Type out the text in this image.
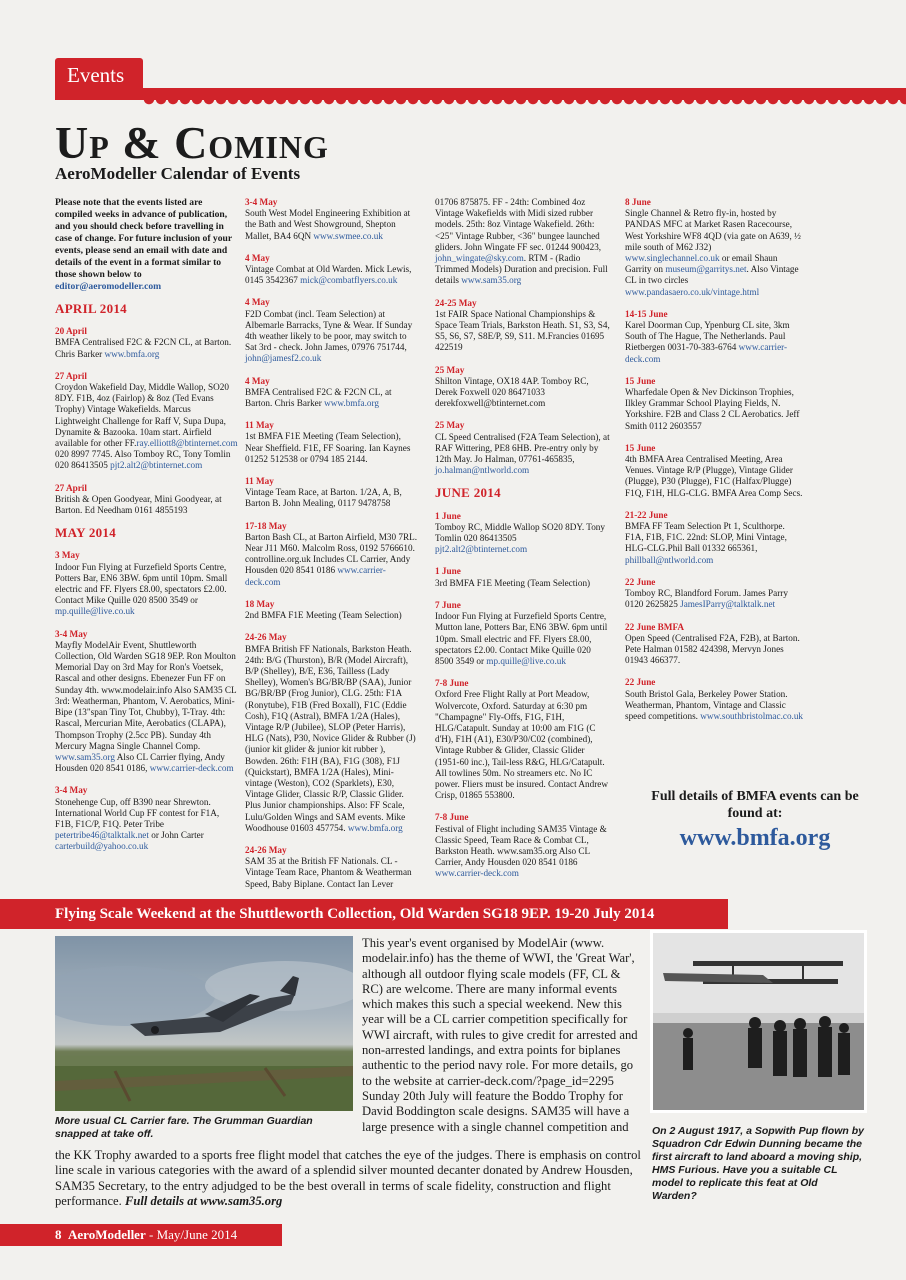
Events
Up & Coming
AeroModeller Calendar of Events
Please note that the events listed are compiled weeks in advance of publication, and you should check before travelling in case of change. For future inclusion of your events, please send an email with date and details of the event in a format similar to those shown below to editor@aeromodeller.com
APRIL 2014
20 April
BMFA Centralised F2C & F2CN CL, at Barton. Chris Barker www.bmfa.org
27 April
Croydon Wakefield Day, Middle Wallop, SO20 8DY. F1B, 4oz (Fairlop) & 8oz (Ted Evans Trophy) Vintage Wakefields. Marcus Lightweight Challenge for Raff V, Supa Dupa, Dynamite & Bazooka. 10am start. Airfield available for other FF.ray.elliott8@btinternet.com 020 8997 7745. Also Tomboy RC, Tony Tomlin 020 86413505 pjt2.alt2@btinternet.com
27 April
British & Open Goodyear, Mini Goodyear, at Barton. Ed Needham 0161 4855193
MAY 2014
3 May
Indoor Fun Flying at Furzefield Sports Centre, Potters Bar, EN6 3BW. 6pm until 10pm. Small electric and FF. Flyers £8.00, spectators £2.00. Contact Mike Quille 020 8500 3549 or mp.quille@live.co.uk
3-4 May
Mayfly ModelAir Event, Shuttleworth Collection, Old Warden SG18 9EP. Ron Moulton Memorial Day on 3rd May for Ron's Voetsek, Rascal and other designs. Ebenezer Fun FF on Sunday 4th. www.modelair.info Also SAM35 CL 3rd: Weatherman, Phantom, V. Aerobatics, Mini-Bipe (13"span Tiny Tot, Chubby), T-Tray. 4th: Rascal, Mercurian Mite, Aerobatics (CLAPA), Thompson Trophy (2.5cc PB). Sunday 4th Mercury Magna Single Channel Comp. www.sam35.org Also CL Carrier flying, Andy Housden 020 8541 0186, www.carrier-deck.com
3-4 May
Stonehenge Cup, off B390 near Shrewton. International World Cup FF contest for F1A, F1B, F1C/P, F1Q. Peter Tribe petertribe46@talktalk.net or John Carter carterbuild@yahoo.co.uk
3-4 May
South West Model Engineering Exhibition at the Bath and West Showground, Shepton Mallet, BA4 6QN www.swmee.co.uk
4 May
Vintage Combat at Old Warden. Mick Lewis, 0145 3542367 mick@combatflyers.co.uk
4 May
F2D Combat (incl. Team Selection) at Albemarle Barracks, Tyne & Wear. If Sunday 4th weather likely to be poor, may switch to Sat 3rd - check. John James, 07976 751744, john@jamesf2.co.uk
4 May
BMFA Centralised F2C & F2CN CL, at Barton. Chris Barker www.bmfa.org
11 May
1st BMFA F1E Meeting (Team Selection), Near Sheffield. F1E, FF Soaring. Ian Kaynes 01252 512538 or 0794 185 2144.
11 May
Vintage Team Race, at Barton. 1/2A, A, B, Barton B. John Mealing, 0117 9478758
17-18 May
Barton Bash CL, at Barton Airfield, M30 7RL. Near J11 M60. Malcolm Ross, 0192 5766610. controlline.org.uk Includes CL Carrier, Andy Housden 020 8541 0186 www.carrier-deck.com
18 May
2nd BMFA F1E Meeting (Team Selection)
24-26 May
BMFA British FF Nationals, Barkston Heath. 24th: B/G (Thurston), B/R (Model Aircraft), B/P (Shelley), B/E, E36, Tailless (Lady Shelley), Women's BG/BR/BP (SAA), Junior BG/BR/BP (Frog Junior), CLG. 25th: F1A (Ronytube), F1B (Fred Boxall), F1C (Eddie Cosh), F1Q (Astral), BMFA 1/2A (Hales), Vintage R/P (Jubilee), SLOP (Peter Harris), HLG (Nats), P30, Novice Glider & Rubber (J) (junior kit glider & junior kit rubber ), Bowden. 26th: F1H (BA), F1G (308), F1J (Quickstart), BMFA 1/2A (Hales), Mini-vintage (Weston), CO2 (Sparklets), E30, Vintage Glider, Classic R/P, Classic Glider. Plus Junior championships. Also: FF Scale, Lulu/Golden Wings and SAM events. Mike Woodhouse 01603 457754. www.bmfa.org
24-26 May
SAM 35 at the British FF Nationals. CL - Vintage Team Race, Phantom & Weatherman Speed, Baby Biplane. Contact Ian Lever
01706 875875. FF - 24th: Combined 4oz Vintage Wakefields with Midi sized rubber models. 25th: 8oz Vintage Wakefield. 26th: <25" Vintage Rubber, <36" bungee launched gliders. John Wingate FF sec. 01244 900423, john_wingate@sky.com. RTM - (Radio Trimmed Models) Duration and precision. Full details www.sam35.org
24-25 May
1st FAIR Space National Championships & Space Team Trials, Barkston Heath. S1, S3, S4, S5, S6, S7, S8E/P, S9, S11. M.Francies 01695 422519
25 May
Shilton Vintage, OX18 4AP. Tomboy RC, Derek Foxwell 020 86471033 derekfoxwell@btinternet.com
25 May
CL Speed Centralised (F2A Team Selection), at RAF Wittering, PE8 6HB. Pre-entry only by 12th May. Jo Halman, 07761-465835, jo.halman@ntlworld.com
JUNE 2014
1 June
Tomboy RC, Middle Wallop SO20 8DY. Tony Tomlin 020 86413505 pjt2.alt2@btinternet.com
1 June
3rd BMFA F1E Meeting (Team Selection)
7 June
Indoor Fun Flying at Furzefield Sports Centre, Mutton lane, Potters Bar, EN6 3BW. 6pm until 10pm. Small electric and FF. Flyers £8.00, spectators £2.00. Contact Mike Quille 020 8500 3549 or mp.quille@live.co.uk
7-8 June
Oxford Free Flight Rally at Port Meadow, Wolvercote, Oxford. Saturday at 6:30 pm "Champagne" Fly-Offs, F1G, F1H, HLG/Catapult. Sunday at 10:00 am F1G (C d'H), F1H (A1), E30/P30/C02 (combined), Vintage Rubber & Glider, Classic Glider (1951-60 inc.), Tail-less R&G, HLG/Catapult. All towlines 50m. No streamers etc. No IC power. Fliers must be insured. Contact Andrew Crisp, 01865 553800.
7-8 June
Festival of Flight including SAM35 Vintage & Classic Speed, Team Race & Combat CL, Barkston Heath. www.sam35.org Also CL Carrier, Andy Housden 020 8541 0186 www.carrier-deck.com
8 June
Single Channel & Retro fly-in, hosted by PANDAS MFC at Market Rasen Racecourse, West Yorkshire WF8 4QD (via gate on A639, ½ mile south of M62 J32) www.singlechannel.co.uk or email Shaun Garrity on museum@garritys.net. Also Vintage CL in two circles www.pandasaero.co.uk/vintage.html
14-15 June
Karel Doorman Cup, Ypenburg CL site, 3km South of The Hague, The Netherlands. Paul Rietbergen 0031-70-383-6764 www.carrier-deck.com
15 June
Wharfedale Open & Nev Dickinson Trophies, Ilkley Grammar School Playing Fields, N. Yorkshire. F2B and Class 2 CL Aerobatics. Jeff Smith 0112 2603557
15 June
4th BMFA Area Centralised Meeting, Area Venues. Vintage R/P (Plugge), Vintage Glider (Plugge), P30 (Plugge), F1C (Halfax/Plugge) F1Q, F1H, HLG-CLG. BMFA Area Comp Secs.
21-22 June
BMFA FF Team Selection Pt 1, Sculthorpe. F1A, F1B, F1C. 22nd: SLOP, Mini Vintage, HLG-CLG.Phil Ball 01332 665361, phillball@ntlworld.com
22 June
Tomboy RC, Blandford Forum. James Parry 0120 2625825 JamesIParry@talktalk.net
22 June BMFA
Open Speed (Centralised F2A, F2B), at Barton. Pete Halman 01582 424398, Mervyn Jones 01943 466377.
22 June
South Bristol Gala, Berkeley Power Station. Weatherman, Phantom, Vintage and Classic speed competitions. www.southbristolmac.co.uk
Full details of BMFA events can be found at:
www.bmfa.org
Flying Scale Weekend at the Shuttleworth Collection, Old Warden SG18 9EP. 19-20 July 2014
More usual CL Carrier fare. The Grumman Guardian snapped at take off.	On 2 August 1917, a Sopwith Pup flown by Squadron Cdr Edwin Dunning became the first aircraft to land aboard a moving ship, HMS Furious. Have you a suitable CL model to replicate this feat at Old Warden?
This year's event organised by ModelAir (www. modelair.info) has the theme of WWI, the 'Great War', although all outdoor flying scale models (FF, CL & RC) are welcome. There are many informal events which makes this such a special weekend. New this year will be a CL carrier competition specifically for WWI aircraft, with rules to give credit for arrested and non-arrested landings, and extra points for biplanes authentic to the period navy role. For more details, go to the website at carrier-deck.com/?page_id=2295 Sunday 20th July will feature the Boddo Trophy for David Boddington scale designs. SAM35 will have a large presence with a single channel competition and
the KK Trophy awarded to a sports free flight model that catches the eye of the judges. There is emphasis on control line scale in various categories with the award of a splendid silver mounted decanter donated by Andrew Housden, SAM35 Secretary, to the entry adjudged to be the best overall in terms of scale fidelity, construction and flight performance. Full details at www.sam35.org
8 AeroModeller - May/June 2014
